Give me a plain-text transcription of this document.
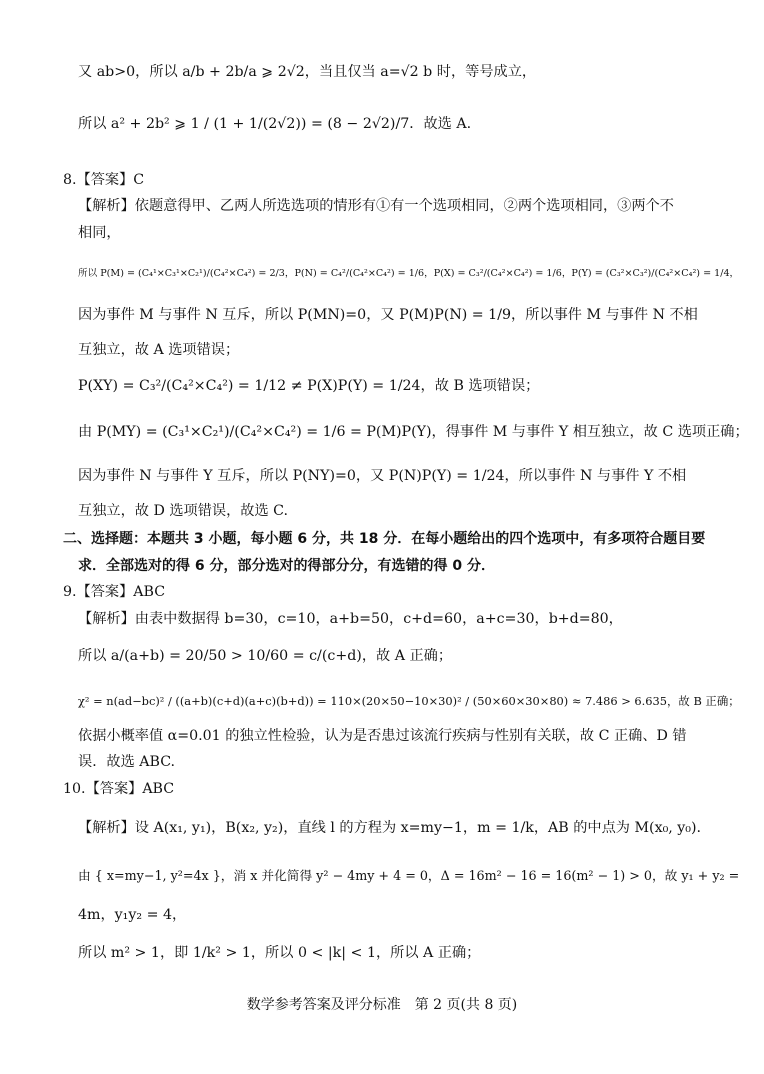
又 ab>0，所以 a/b + 2b/a ⩾ 2√2，当且仅当 a=√2 b 时，等号成立，
所以 a² + 2b² ⩾ 1 / (1 + 1/(2√2)) = (8 − 2√2)/7．故选 A.
8.【答案】C
【解析】依题意得甲、乙两人所选选项的情形有①有一个选项相同，②两个选项相同，③两个不
相同，
所以 P(M) = (C₄¹×C₃¹×C₂¹)/(C₄²×C₄²) = 2/3，P(N) = C₄²/(C₄²×C₄²) = 1/6，P(X) = C₃²/(C₄²×C₄²) = 1/6，P(Y) = (C₃²×C₃²)/(C₄²×C₄²) = 1/4，
因为事件 M 与事件 N 互斥，所以 P(MN)=0，又 P(M)P(N) = 1/9，所以事件 M 与事件 N 不相
互独立，故 A 选项错误；
P(XY) = C₃²/(C₄²×C₄²) = 1/12 ≠ P(X)P(Y) = 1/24，故 B 选项错误；
由 P(MY) = (C₃¹×C₂¹)/(C₄²×C₄²) = 1/6 = P(M)P(Y)，得事件 M 与事件 Y 相互独立，故 C 选项正确；
因为事件 N 与事件 Y 互斥，所以 P(NY)=0，又 P(N)P(Y) = 1/24，所以事件 N 与事件 Y 不相
互独立，故 D 选项错误，故选 C.
二、选择题：本题共 3 小题，每小题 6 分，共 18 分．在每小题给出的四个选项中，有多项符合题目要
求．全部选对的得 6 分，部分选对的得部分分，有选错的得 0 分．
9.【答案】ABC
【解析】由表中数据得 b=30，c=10，a+b=50，c+d=60，a+c=30，b+d=80，
所以 a/(a+b) = 20/50 > 10/60 = c/(c+d)，故 A 正确；
χ² = n(ad−bc)² / ((a+b)(c+d)(a+c)(b+d)) = 110×(20×50−10×30)² / (50×60×30×80) ≈ 7.486 > 6.635，故 B 正确；
依据小概率值 α=0.01 的独立性检验，认为是否患过该流行疾病与性别有关联，故 C 正确、D 错
误．故选 ABC.
10.【答案】ABC
【解析】设 A(x₁, y₁)，B(x₂, y₂)，直线 l 的方程为 x=my−1，m = 1/k，AB 的中点为 M(x₀, y₀).
由 { x=my−1, y²=4x }，消 x 并化简得 y² − 4my + 4 = 0，Δ = 16m² − 16 = 16(m² − 1) > 0，故 y₁ + y₂ =
4m，y₁y₂ = 4，
所以 m² > 1，即 1/k² > 1，所以 0 < |k| < 1，所以 A 正确；
数学参考答案及评分标准　第 2 页(共 8 页)
